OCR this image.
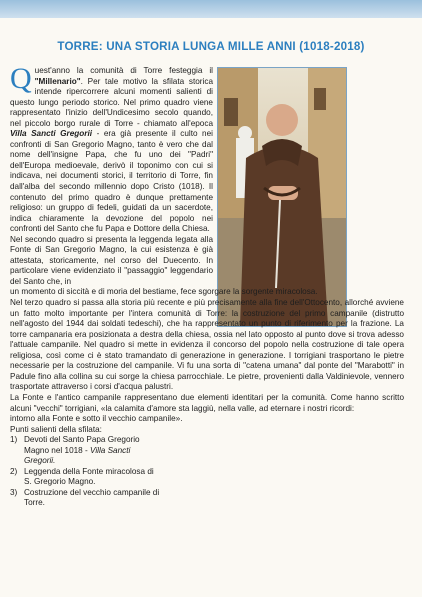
TORRE: UNA STORIA LUNGA MILLE ANNI (1018-2018)

Quest'anno la comunità di Torre festeggia il "Millenario". Per tale motivo la sfilata storica intende ripercorrere alcuni momenti salienti di questo lungo periodo storico. Nel primo quadro viene rappresentato l'inizio dell'Undicesimo secolo quando, nel piccolo borgo rurale di Torre - chiamato all'epoca Villa Sancti Gregorii - era già presente il culto nei confronti di San Gregorio Magno, tanto è vero che dal nome dell'insigne Papa, che fu uno dei "Padri" dell'Europa medioevale, derivò il toponimo con cui si indicava, nei documenti storici, il territorio di Torre, fin dall'alba del secondo millennio dopo Cristo (1018). Il contenuto del primo quadro è dunque prettamente religioso: un gruppo di fedeli, guidati da un sacerdote, indica chiaramente la devozione del popolo nei confronti del Santo che fu Papa e Dottore della Chiesa.

Nel secondo quadro si presenta la leggenda legata alla Fonte di San Gregorio Magno, la cui esistenza è già attestata, storicamente, nel corso del Duecento. In particolare viene evidenziato il "passaggio" leggendario del Santo che, in

un momento di siccità e di moria del bestiame, fece sgorgare la sorgente miracolosa.

Nel terzo quadro si passa alla storia più recente e più precisamente alla fine dell'Ottocento, allorché avviene un fatto molto importante per l'intera comunità di Torre: la costruzione del primo campanile (distrutto nell'agosto del 1944 dai soldati tedeschi), che ha rappresentato un punto di riferimento per la frazione. La torre campanaria era posizionata a destra della chiesa, ossia nel lato opposto al punto dove si trova adesso l'attuale campanile. Nel quadro si mette in evidenza il concorso del popolo nella costruzione di tale opera religiosa, così come ci è stato tramandato di generazione in generazione. I torrigiani trasportano le pietre necessarie per la costruzione del campanile. Vi fu una sorta di "catena umana" dal ponte del "Marabotti" in Padule fino alla collina su cui sorge la chiesa parrocchiale. Le pietre, provenienti dalla Valdinievole, vennero trasportate attraverso i corsi d'acqua palustri.

La Fonte e l'antico campanile rappresentano due elementi identitari per la comunità. Come hanno scritto alcuni "vecchi" torrigiani, «la calamita d'amore sta laggiù, nella valle, ad eternare i nostri ricordi:

intorno alla Fonte e sotto il vecchio campanile».

Punti salienti della sfilata:

1) Devoti del Santo Papa Gregorio Magno nel 1018 - Villa Sancti Gregorii.
2) Leggenda della Fonte miracolosa di S. Gregorio Magno.
3) Costruzione del vecchio campanile di Torre.
